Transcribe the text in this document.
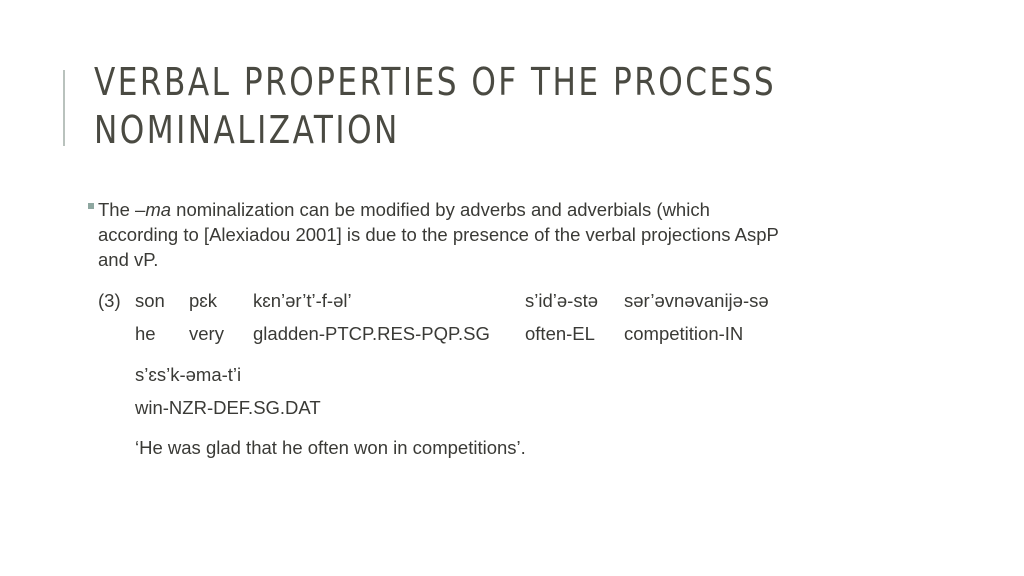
VERBAL PROPERTIES OF THE PROCESS
NOMINALIZATION
The –ma nominalization can be modified by adverbs and adverbials (which
according to [Alexiadou 2001] is due to the presence of the verbal projections AspP
and vP.
(3) son pɛk kɛn’ər’t’-f-əl’	s’id’ə-stə sər’əvnəvanijə-sə
he very gladden-PTCP.RES-PQP.SG often-EL competition-IN
s’ɛs’k-əma-t’i
win-NZR-DEF.SG.DAT
‘He was glad that he often won in competitions’.
